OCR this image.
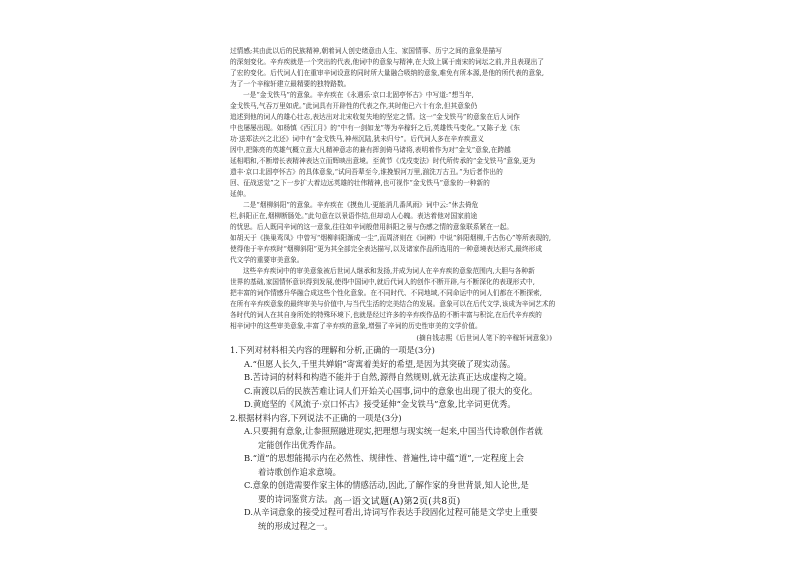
过情感;其由此以后的民族精神,朝着词人创史绪意由人生、家国情事、历宁之间的意象是描写
的深刻变化。辛弃疾就是一个突出的代表,他词中的意象与精神,在大致上属于南宋的词坛之前,并且表现出了
了宏的变化。后代词人们在重审辛词设意的同时所大量融合吸纳的意象,难免有所本源,是他的所代表的意象,
为了一个辛稼轩建立最精要的独特路数。
一是“金戈铁马”的意象。辛弃疾在《永遇乐·京口北固亭怀古》中写道:“想当年,
金戈铁马,气吞万里如虎。”此词具有开辟性的代表之作,其时他已六十有余,但其意象仍
追述到他的词人的雄心壮志,表达出对北宋收复失地的坚定之情。这一“金戈铁马”的意象在后人词作
中也屡屡出现。如杨慎《西江月》的“中有一剑如龙”等为辛稼轩之后,英雄铁马变化。”又陈子龙《东
功·送郑法兴之北还》词中有“金戈铁马,神州沉陆,犹未归兮”。后代词人多在辛弃疾意义
因中,把陈亮的英雄气概立意大凡精神意志的兼有挥剑倚马诸将,表明着作为对“金戈”意象,在跨越
延相唱和,不断增长表精神表达立而辉映出意境。至黄节《戊戌变法》时代所传承的“金戈铁马”意象,更为
遗丰·京口北固亭怀古》的具体意象,“试问吾辈至今,谁挽银河万里,湔洗万古丑。”为后者作出的
回、征战送觉”之下一步扩大着边远英雄的壮伟精神,也可视作“金戈铁马”意象的一种新的
延伸。
二是“烟柳斜阳”的意象。辛弃疾在《摸鱼儿·更能消几番风雨》词中云:“休去倚危
栏,斜阳正在,烟柳断肠处。”此句意在以景语作结,但却动人心魄。表达着他对国家前途
的忧思。后人既同辛词的这一意象,往往如辛词般借用斜阳之景与伤感之情的意象联系紧在一起。
如胡天于《换巢鸾凤》中曾写“烟柳斜阳渐成一尘”,而周济则在《词辨》中说“斜阳烟柳,千古伤心”等所表现的,
使得他于辛弃疾时“烟柳斜阳”更为其全部完全表达描写,以及诸家作品所选用的一种意境表达形式,最终形成
代文学的重要审美意象。
这些辛弃疾词中的审美意象被后世词人继承和发扬,并成为词人在辛弃疾的意象范围内,大胆与各种新
世界的基础,家国情怀意识得到发展,使得中国词中,就后代词人的创作不断开辟,与不断深化的表现形式中,
把丰富的词作情感升华融合成这些个性化意象。在不同时代、不同地域,不同命运中的词人们都在不断探索,
在所有辛弃疾意象的最终审美与价值中,与当代生活的完美结合的发展。意象可以在后代文学,该成为辛词艺术的
各时代的词人在其自身所处的特殊环境下,也就是经过许多的辛弃疾作品的不断丰富与积淀,在后代辛弃疾的
相辛词中的这些审美意象,丰富了辛弃疾的意象,增强了辛词的历史性审美的文学价值。
(摘自钱志熙《后世词人笔下的辛稼轩词意象》)
1.下列对材料相关内容的理解和分析,正确的一项是(3分)
A.“但愿人长久,千里共婵娟”寄寓着美好的希望,是因为其突破了现实动荡。
B.苦诗词的材料和构造不能并于自然,源得自然规则,就无法真正达成虚构之境。
C.南渡以后的民族苦难让词人们开始关心国事,词中的意象也出现了很大的变化。
D.黄庭坚的《风流子·京口怀古》接受延伸“金戈铁马”意象,比辛词更优秀。
2.根据材料内容,下列说法不正确的一项是(3分)
A.只要拥有意象,让参照照融进现实,把理想与现实统一起来,中国当代诗歌创作者就
定能创作出优秀作品。
B.“道”的思想能揭示内在必然性、规律性、普遍性,诗中蕴“道”,一定程度上会
着诗歌创作追求意境。
C.意象的创造需要作家主体的情感活动,因此,了解作家的身世背景,知人论世,是
要的诗词鉴赏方法。
D.从辛词意象的接受过程可看出,诗词写作表达手段固化过程可能是文学史上重要
统的形成过程之一。
高一语文试题(A)第2页(共8页)
